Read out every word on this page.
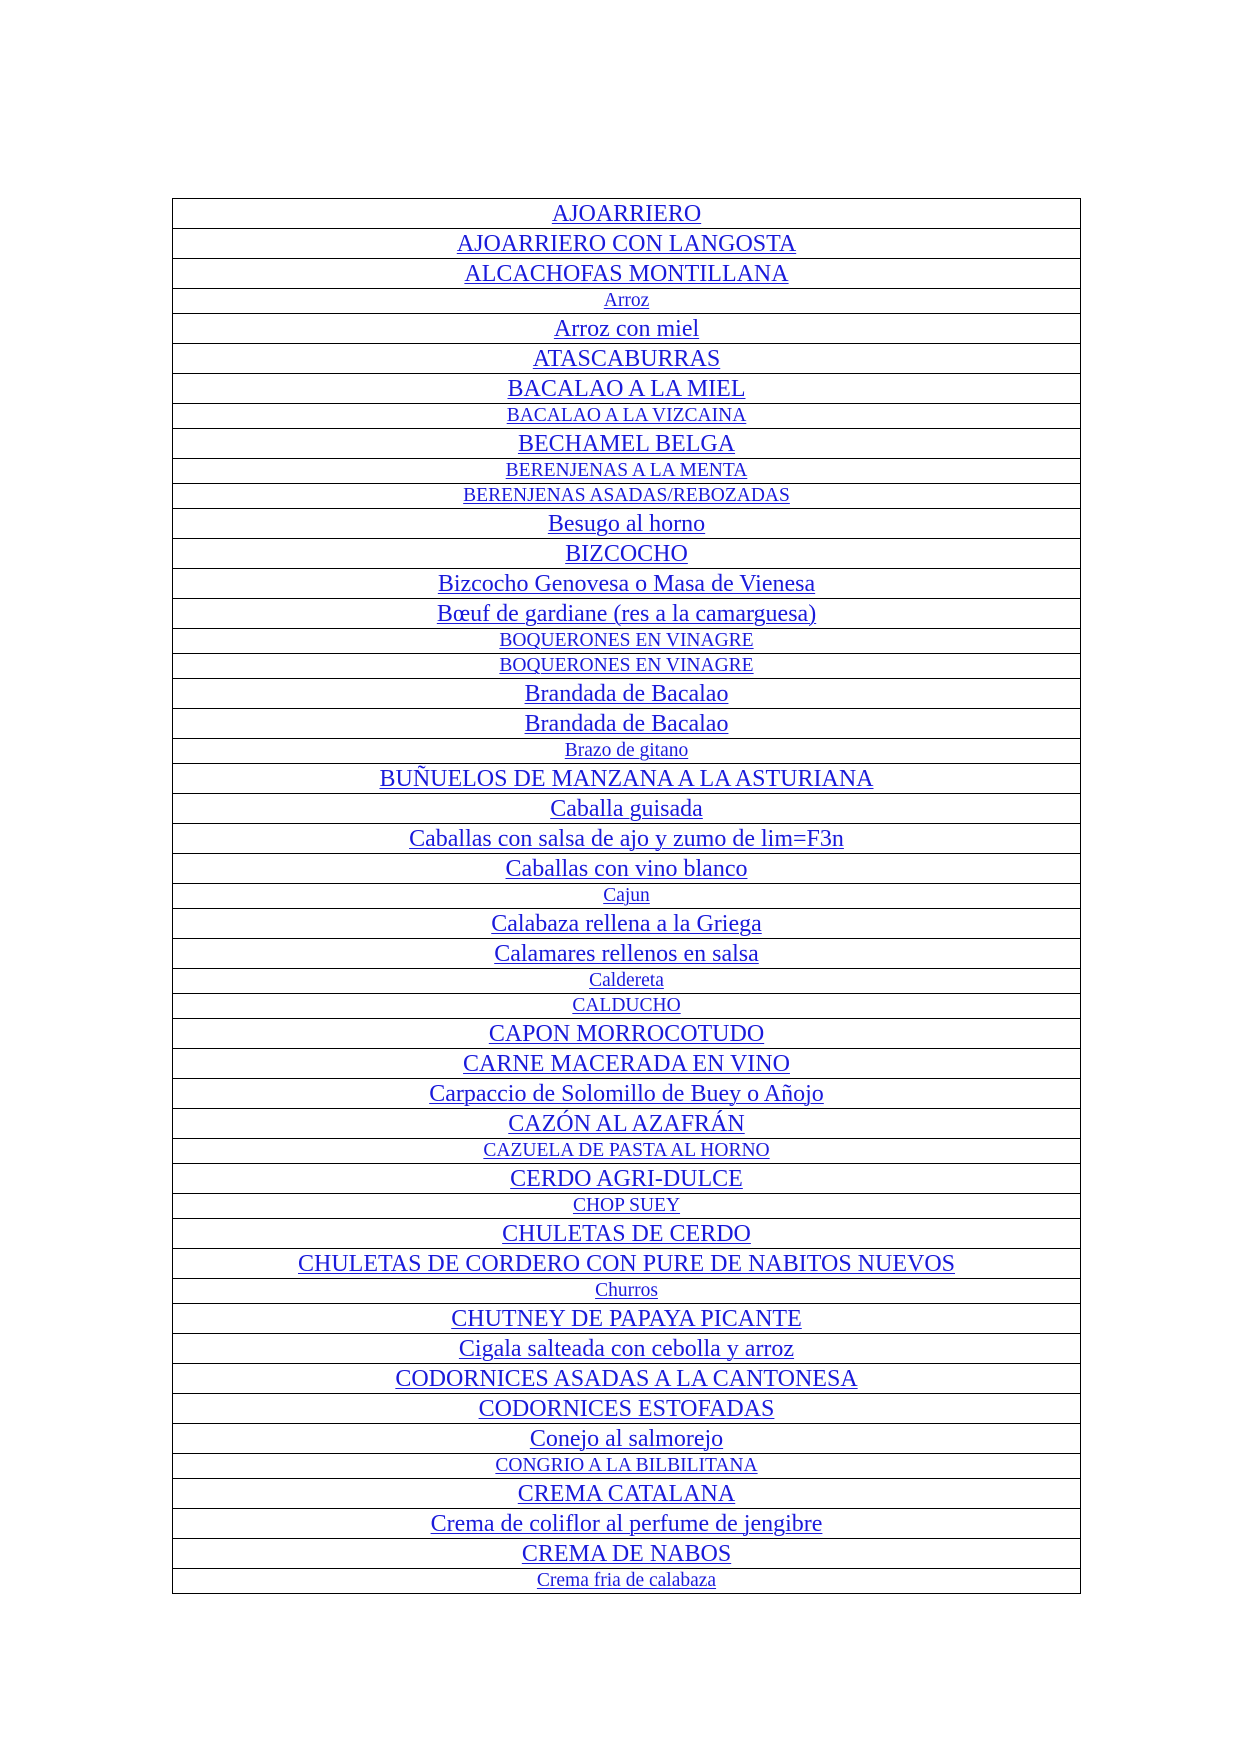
AJOARRIERO
AJOARRIERO CON LANGOSTA
ALCACHOFAS MONTILLANA
Arroz
Arroz con miel
ATASCABURRAS
BACALAO A LA MIEL
BACALAO A LA VIZCAINA
BECHAMEL BELGA
BERENJENAS A LA MENTA
BERENJENAS ASADAS/REBOZADAS
Besugo al horno
BIZCOCHO
Bizcocho Genovesa o Masa de Vienesa
Bœuf de gardiane (res a la camarguesa)
BOQUERONES EN VINAGRE
BOQUERONES EN VINAGRE
Brandada de Bacalao
Brandada de Bacalao
Brazo de gitano
BUÑUELOS DE MANZANA A LA ASTURIANA
Caballa guisada
Caballas con salsa de ajo y zumo de lim=F3n
Caballas con vino blanco
Cajun
Calabaza rellena a la Griega
Calamares rellenos en salsa
Caldereta
CALDUCHO
CAPON MORROCOTUDO
CARNE MACERADA EN VINO
Carpaccio de Solomillo de Buey o Añojo
CAZÓN AL AZAFRÁN
CAZUELA DE PASTA AL HORNO
CERDO AGRI-DULCE
CHOP SUEY
CHULETAS DE CERDO
CHULETAS DE CORDERO CON PURE DE NABITOS NUEVOS
Churros
CHUTNEY DE PAPAYA PICANTE
Cigala salteada con cebolla y arroz
CODORNICES ASADAS A LA CANTONESA
CODORNICES ESTOFADAS
Conejo al salmorejo
CONGRIO A LA BILBILITANA
CREMA CATALANA
Crema de coliflor al perfume de jengibre
CREMA DE NABOS
Crema fria de calabaza
